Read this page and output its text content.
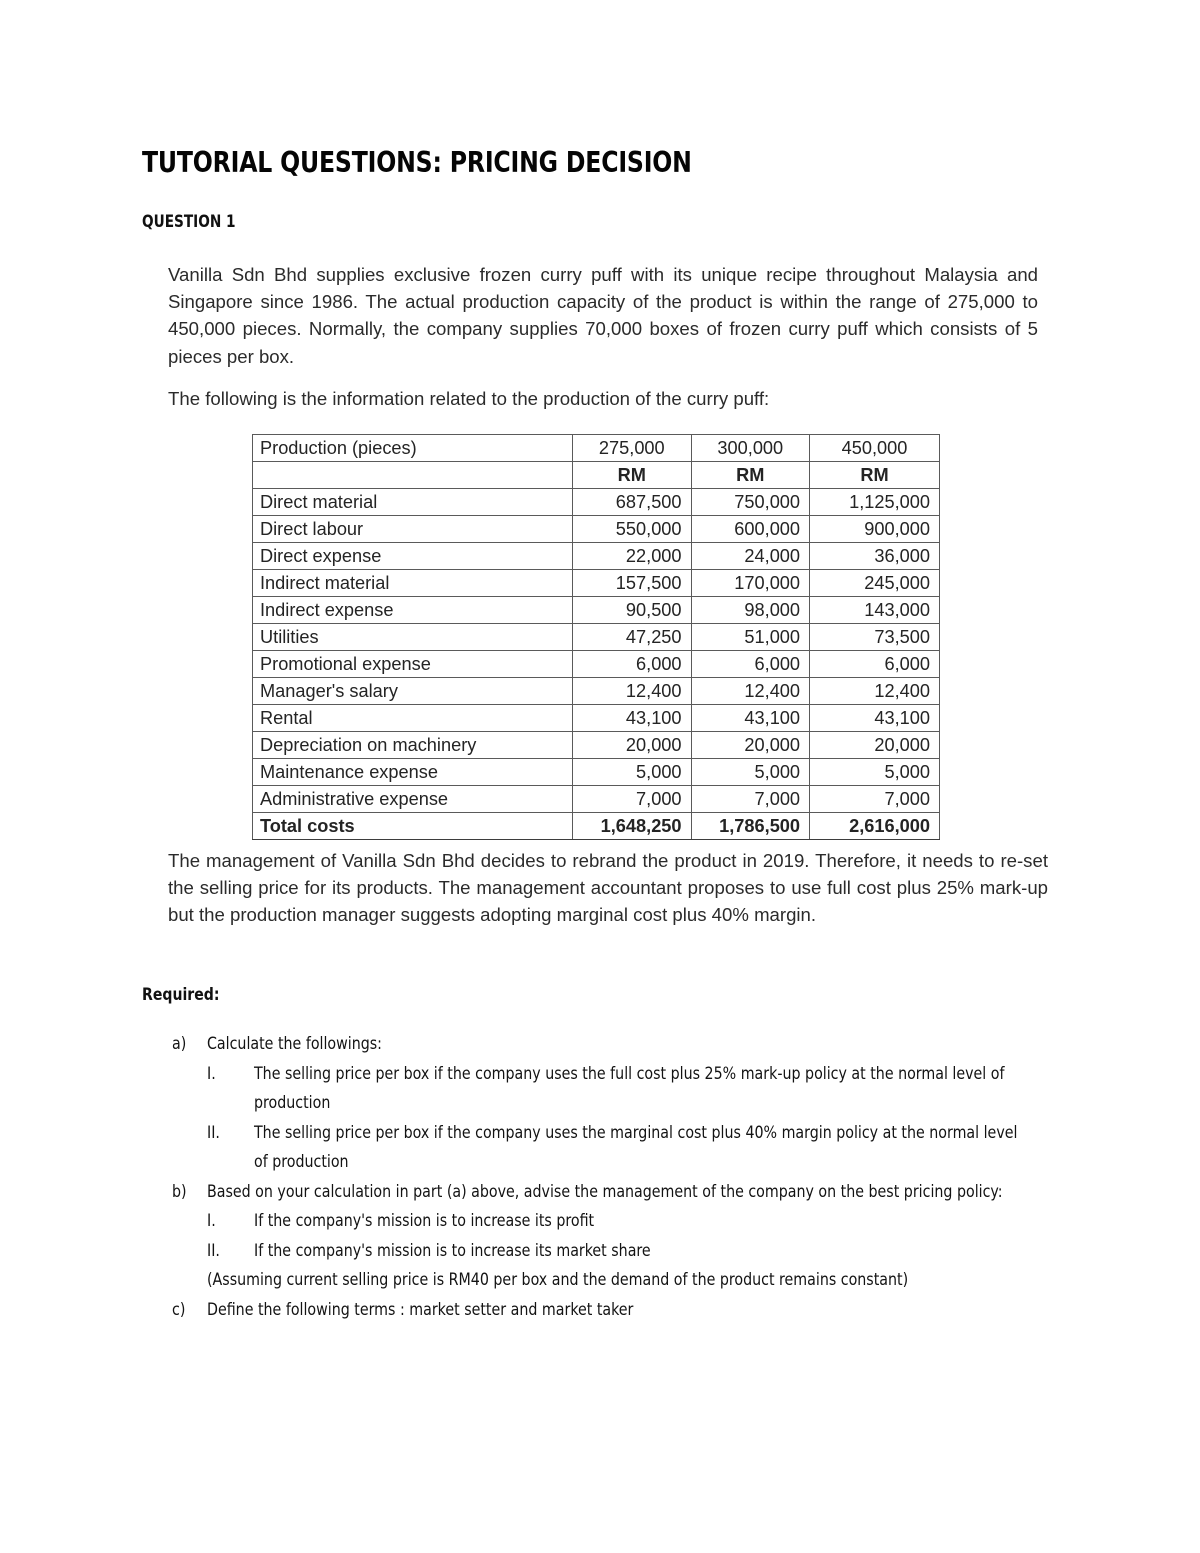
TUTORIAL QUESTIONS: PRICING DECISION
QUESTION 1
Vanilla Sdn Bhd supplies exclusive frozen curry puff with its unique recipe throughout Malaysia and Singapore since 1986. The actual production capacity of the product is within the range of 275,000 to 450,000 pieces. Normally, the company supplies 70,000 boxes of frozen curry puff which consists of 5 pieces per box.
The following is the information related to the production of the curry puff:
Production (pieces)	275,000	300,000	450,000
	RM	RM	RM
Direct material	687,500	750,000	1,125,000
Direct labour	550,000	600,000	900,000
Direct expense	22,000	24,000	36,000
Indirect material	157,500	170,000	245,000
Indirect expense	90,500	98,000	143,000
Utilities	47,250	51,000	73,500
Promotional expense	6,000	6,000	6,000
Manager's salary	12,400	12,400	12,400
Rental	43,100	43,100	43,100
Depreciation on machinery	20,000	20,000	20,000
Maintenance expense	5,000	5,000	5,000
Administrative expense	7,000	7,000	7,000
Total costs	1,648,250	1,786,500	2,616,000
The management of Vanilla Sdn Bhd decides to rebrand the product in 2019. Therefore, it needs to re-set the selling price for its products. The management accountant proposes to use full cost plus 25% mark-up but the production manager suggests adopting marginal cost plus 40% margin.
Required:
a)	Calculate the followings:
I.	The selling price per box if the company uses the full cost plus 25% mark-up policy at the normal level of production
II.	The selling price per box if the company uses the marginal cost plus 40% margin policy at the normal level of production
b)	Based on your calculation in part (a) above, advise the management of the company on the best pricing policy:
I.	If the company's mission is to increase its profit
II.	If the company's mission is to increase its market share
(Assuming current selling price is RM40 per box and the demand of the product remains constant)
c)	Define the following terms : market setter and market taker
